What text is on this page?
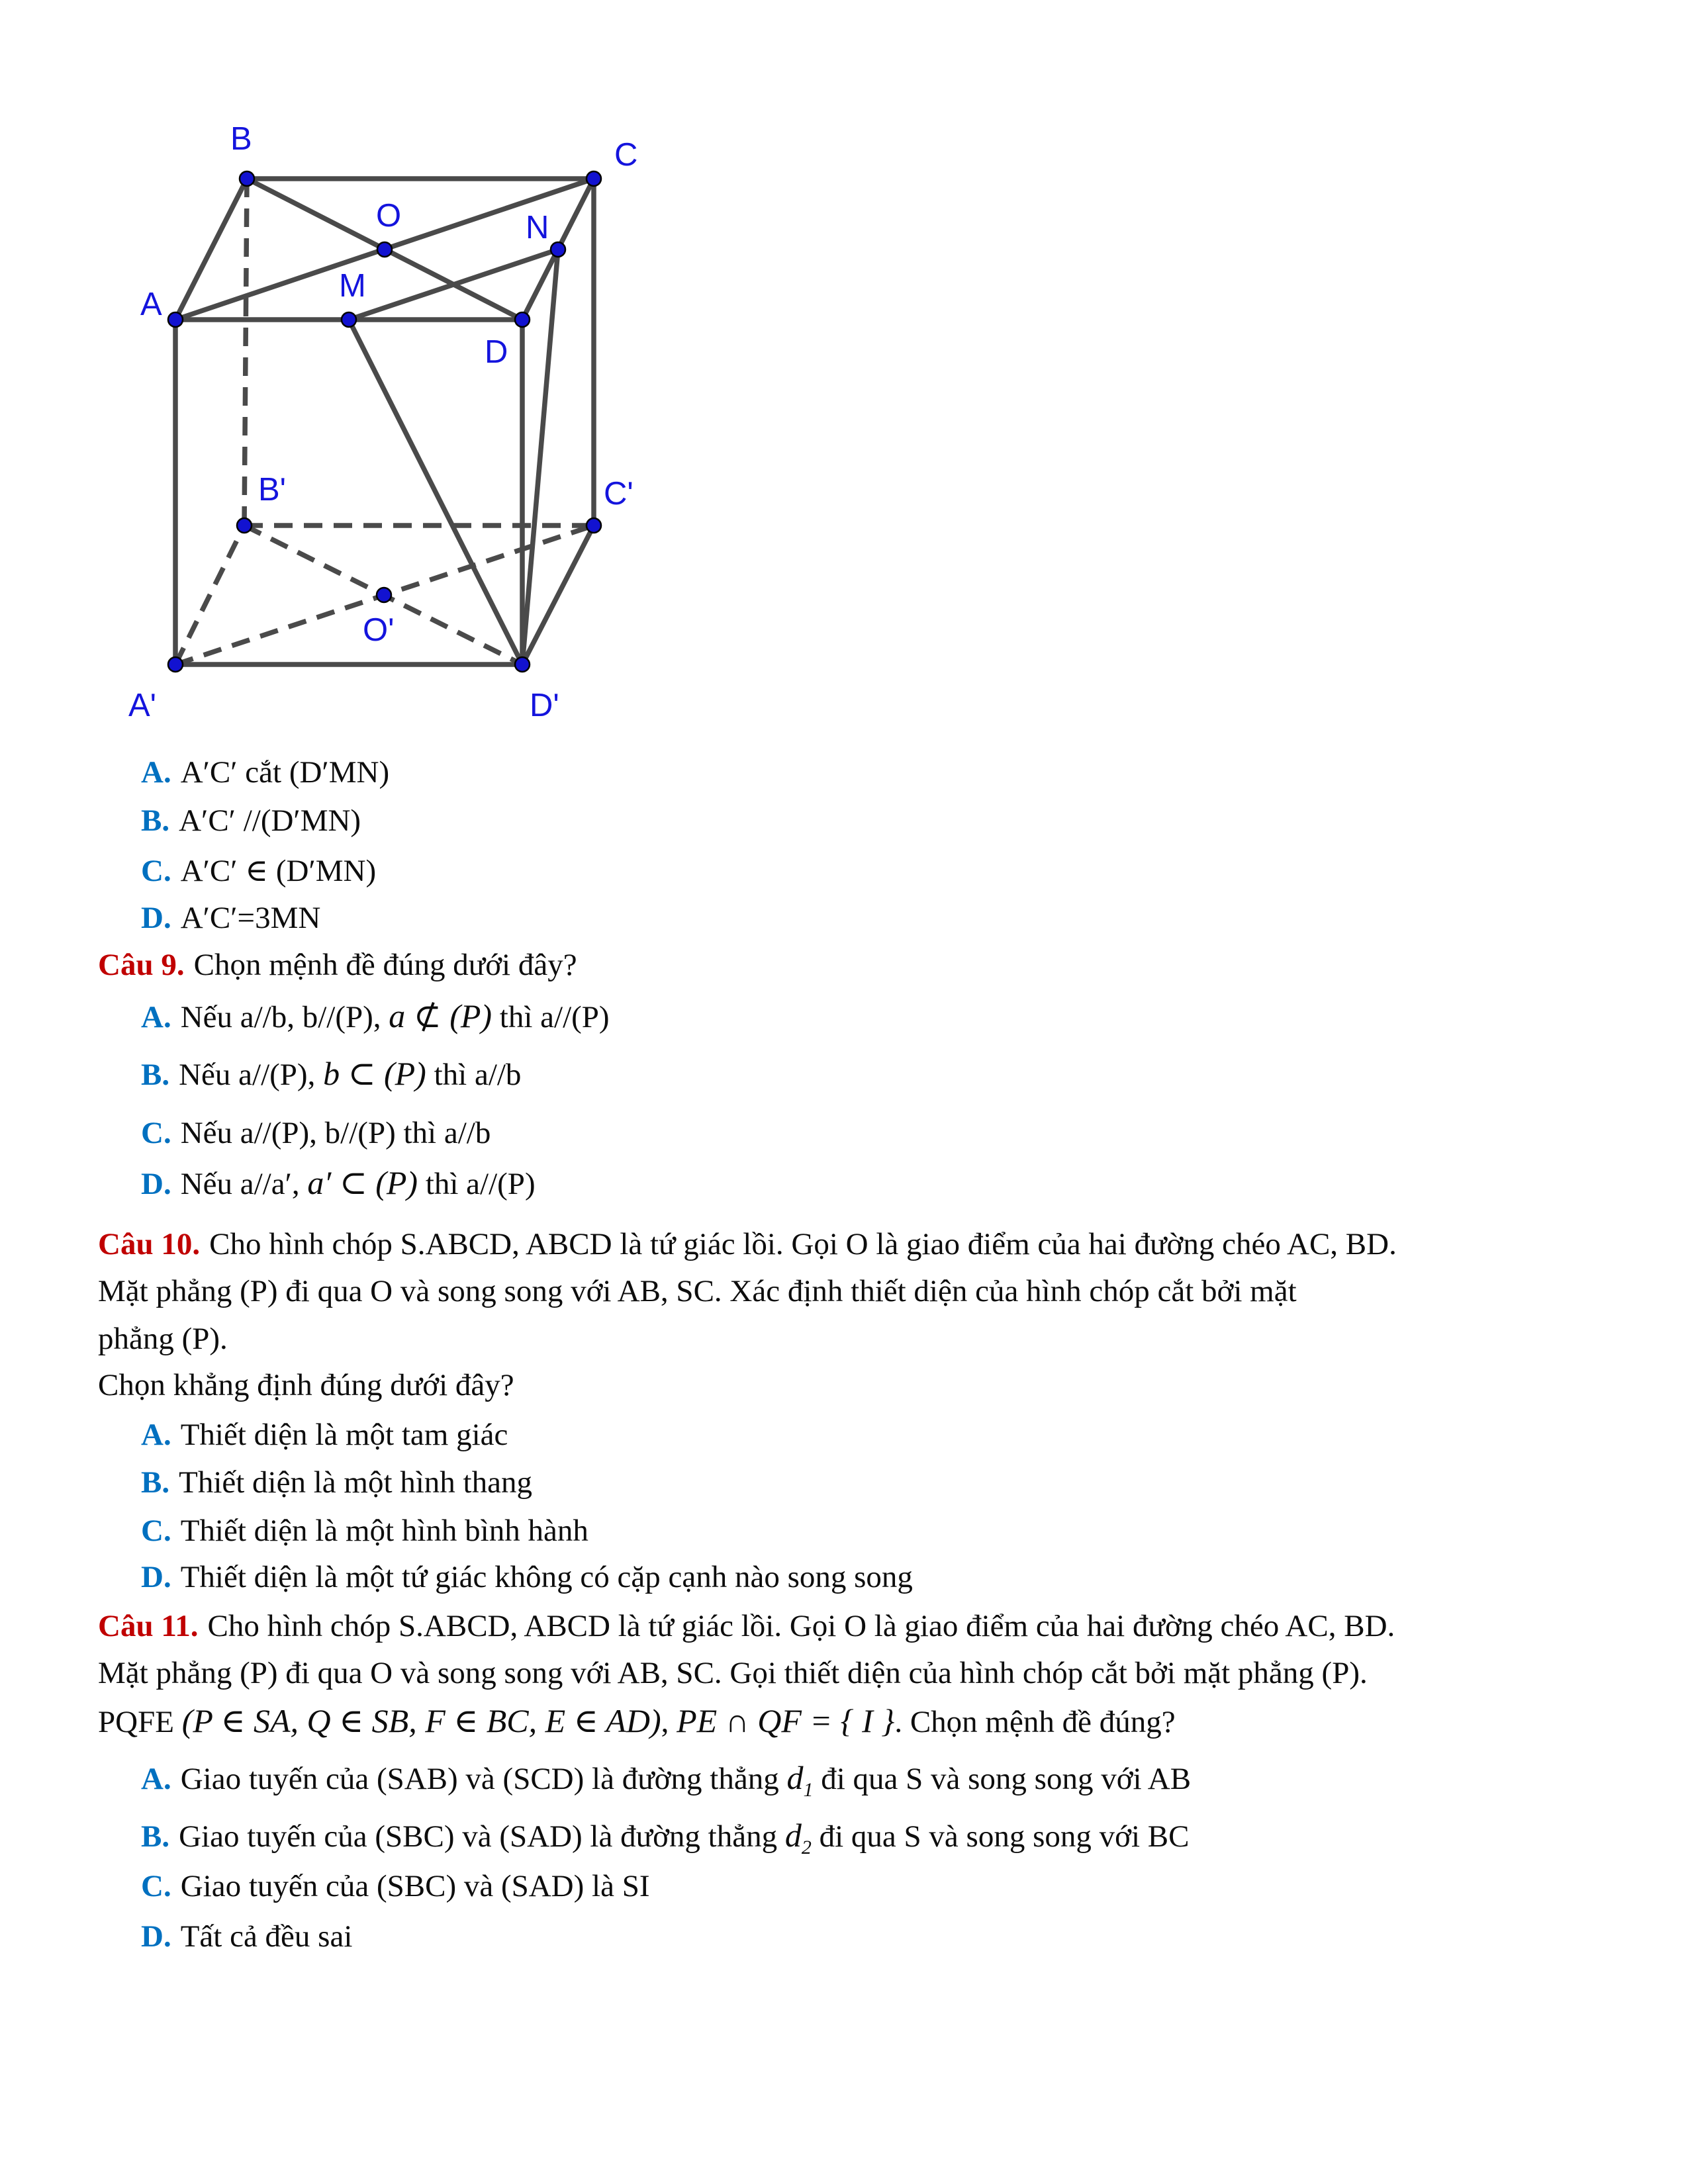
B	C
O	N
A
M
D
B'	C'
O'
A'	D'
A. A′C′ cắt (D′MN)
B. A′C′ //(D′MN)
C. A′C′ ∈ (D′MN)
D. A′C′=3MN
Câu 9. Chọn mệnh đề đúng dưới đây?
A. Nếu a//b, b//(P), a ⊄ (P) thì a//(P)
B. Nếu a//(P), b ⊂ (P) thì a//b
C. Nếu a//(P), b//(P) thì a//b
D. Nếu a//a′, a′ ⊂ (P) thì a//(P)
Câu 10. Cho hình chóp S.ABCD, ABCD là tứ giác lồi. Gọi O là giao điểm của hai đường chéo AC, BD.
Mặt phẳng (P) đi qua O và song song với AB, SC. Xác định thiết diện của hình chóp cắt bởi mặt
phẳng (P).
Chọn khẳng định đúng dưới đây?
A. Thiết diện là một tam giác
B. Thiết diện là một hình thang
C. Thiết diện là một hình bình hành
D. Thiết diện là một tứ giác không có cặp cạnh nào song song
Câu 11. Cho hình chóp S.ABCD, ABCD là tứ giác lồi. Gọi O là giao điểm của hai đường chéo AC, BD.
Mặt phẳng (P) đi qua O và song song với AB, SC. Gọi thiết diện của hình chóp cắt bởi mặt phẳng (P).
PQFE (P ∈ SA, Q ∈ SB, F ∈ BC, E ∈ AD), PE ∩ QF = { I }. Chọn mệnh đề đúng?
A. Giao tuyến của (SAB) và (SCD) là đường thẳng $d_1$ đi qua S và song song với AB
B. Giao tuyến của (SBC) và (SAD) là đường thẳng $d_2$ đi qua S và song song với BC
C. Giao tuyến của (SBC) và (SAD) là SI
D. Tất cả đều sai
